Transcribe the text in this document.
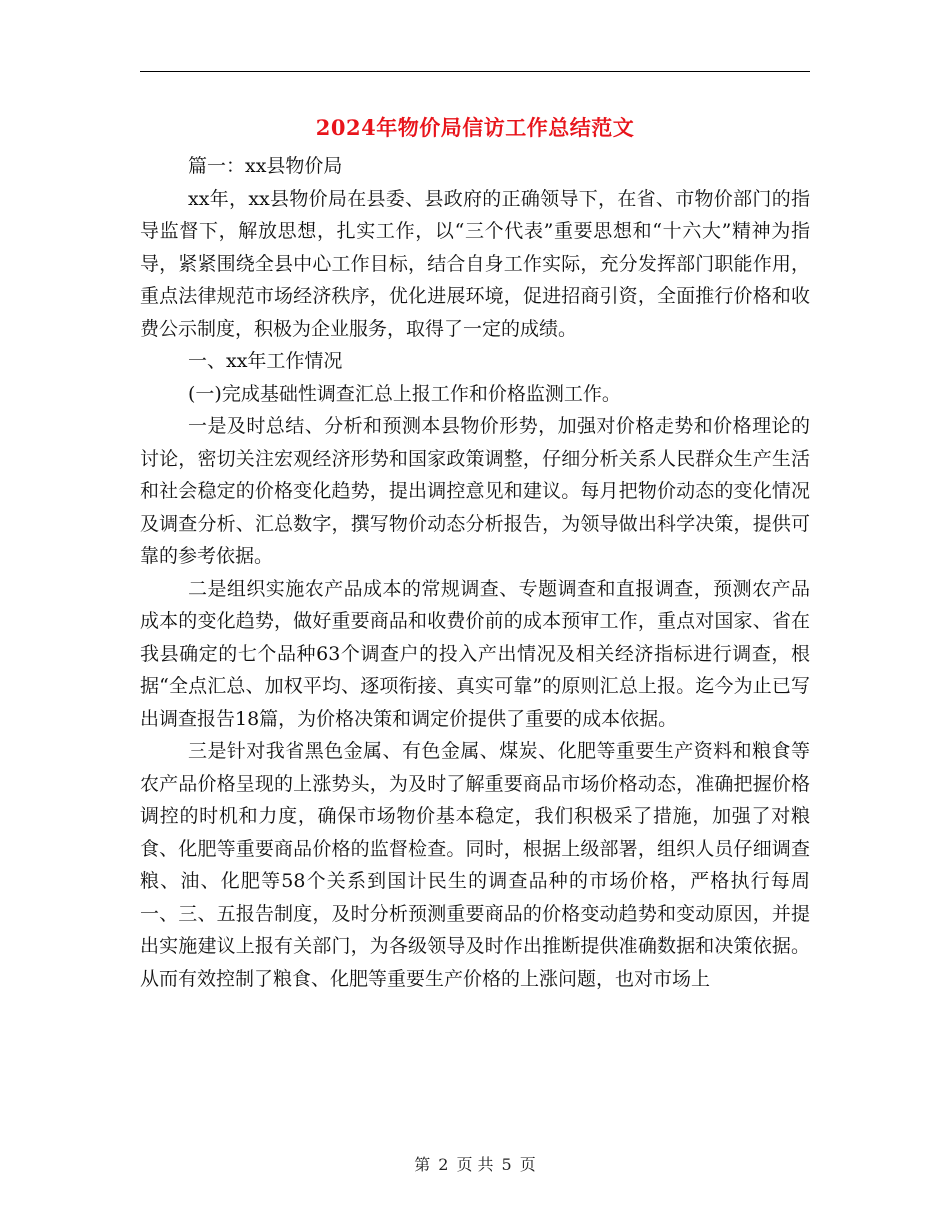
2024年物价局信访工作总结范文

篇一：xx县物价局

xx年，xx县物价局在县委、县政府的正确领导下，在省、市物价部门的指导监督下，解放思想，扎实工作，以“三个代表”重要思想和“十六大”精神为指导，紧紧围绕全县中心工作目标，结合自身工作实际，充分发挥部门职能作用，重点法律规范市场经济秩序，优化进展环境，促进招商引资，全面推行价格和收费公示制度，积极为企业服务，取得了一定的成绩。

一、xx年工作情况

(一)完成基础性调查汇总上报工作和价格监测工作。

一是及时总结、分析和预测本县物价形势，加强对价格走势和价格理论的讨论，密切关注宏观经济形势和国家政策调整，仔细分析关系人民群众生产生活和社会稳定的价格变化趋势，提出调控意见和建议。每月把物价动态的变化情况及调查分析、汇总数字，撰写物价动态分析报告，为领导做出科学决策，提供可靠的参考依据。

二是组织实施农产品成本的常规调查、专题调查和直报调查，预测农产品成本的变化趋势，做好重要商品和收费价前的成本预审工作，重点对国家、省在我县确定的七个品种63个调查户的投入产出情况及相关经济指标进行调查，根据“全点汇总、加权平均、逐项衔接、真实可靠”的原则汇总上报。迄今为止已写出调查报告18篇，为价格决策和调定价提供了重要的成本依据。

三是针对我省黑色金属、有色金属、煤炭、化肥等重要生产资料和粮食等农产品价格呈现的上涨势头，为及时了解重要商品市场价格动态，准确把握价格调控的时机和力度，确保市场物价基本稳定，我们积极采了措施，加强了对粮食、化肥等重要商品价格的监督检查。同时，根据上级部署，组织人员仔细调查粮、油、化肥等58个关系到国计民生的调查品种的市场价格，严格执行每周一、三、五报告制度，及时分析预测重要商品的价格变动趋势和变动原因，并提出实施建议上报有关部门，为各级领导及时作出推断提供准确数据和决策依据。从而有效控制了粮食、化肥等重要生产价格的上涨问题，也对市场上

第 2 页 共 5 页
